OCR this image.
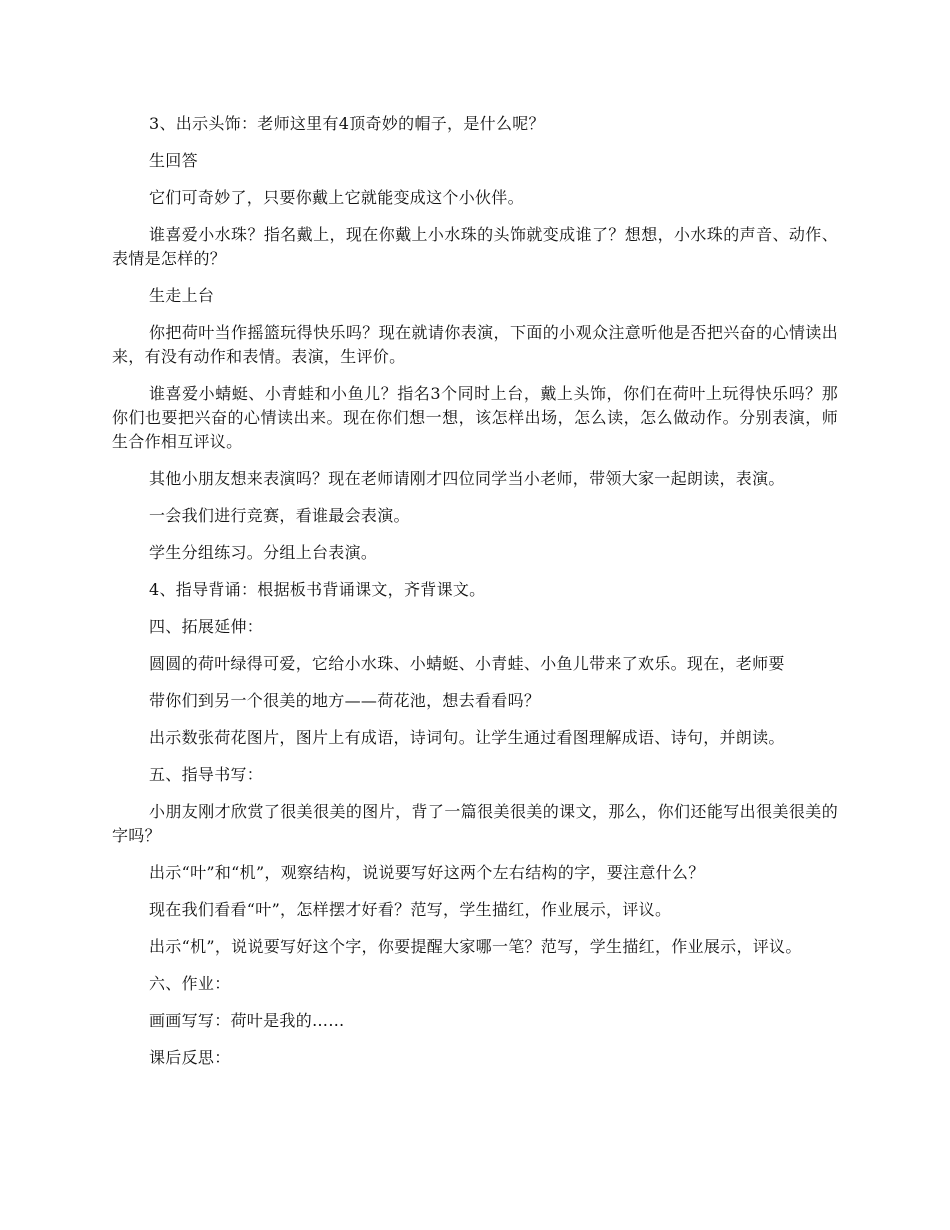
3、出示头饰：老师这里有4顶奇妙的帽子，是什么呢？

生回答

它们可奇妙了，只要你戴上它就能变成这个小伙伴。

谁喜爱小水珠？指名戴上，现在你戴上小水珠的头饰就变成谁了？想想，小水珠的声音、动作、表情是怎样的？

生走上台

你把荷叶当作摇篮玩得快乐吗？现在就请你表演，下面的小观众注意听他是否把兴奋的心情读出来，有没有动作和表情。表演，生评价。

谁喜爱小蜻蜓、小青蛙和小鱼儿？指名3个同时上台，戴上头饰，你们在荷叶上玩得快乐吗？那你们也要把兴奋的心情读出来。现在你们想一想，该怎样出场，怎么读，怎么做动作。分别表演，师生合作相互评议。

其他小朋友想来表演吗？现在老师请刚才四位同学当小老师，带领大家一起朗读，表演。

一会我们进行竞赛，看谁最会表演。

学生分组练习。分组上台表演。

4、指导背诵：根据板书背诵课文，齐背课文。

四、拓展延伸：

圆圆的荷叶绿得可爱，它给小水珠、小蜻蜓、小青蛙、小鱼儿带来了欢乐。现在，老师要

带你们到另一个很美的地方——荷花池，想去看看吗？

出示数张荷花图片，图片上有成语，诗词句。让学生通过看图理解成语、诗句，并朗读。

五、指导书写：

小朋友刚才欣赏了很美很美的图片，背了一篇很美很美的课文，那么，你们还能写出很美很美的字吗？

出示“叶”和“机”，观察结构，说说要写好这两个左右结构的字，要注意什么？

现在我们看看“叶”，怎样摆才好看？范写，学生描红，作业展示，评议。

出示“机”，说说要写好这个字，你要提醒大家哪一笔？范写，学生描红，作业展示，评议。

六、作业：

画画写写：荷叶是我的……

课后反思：
